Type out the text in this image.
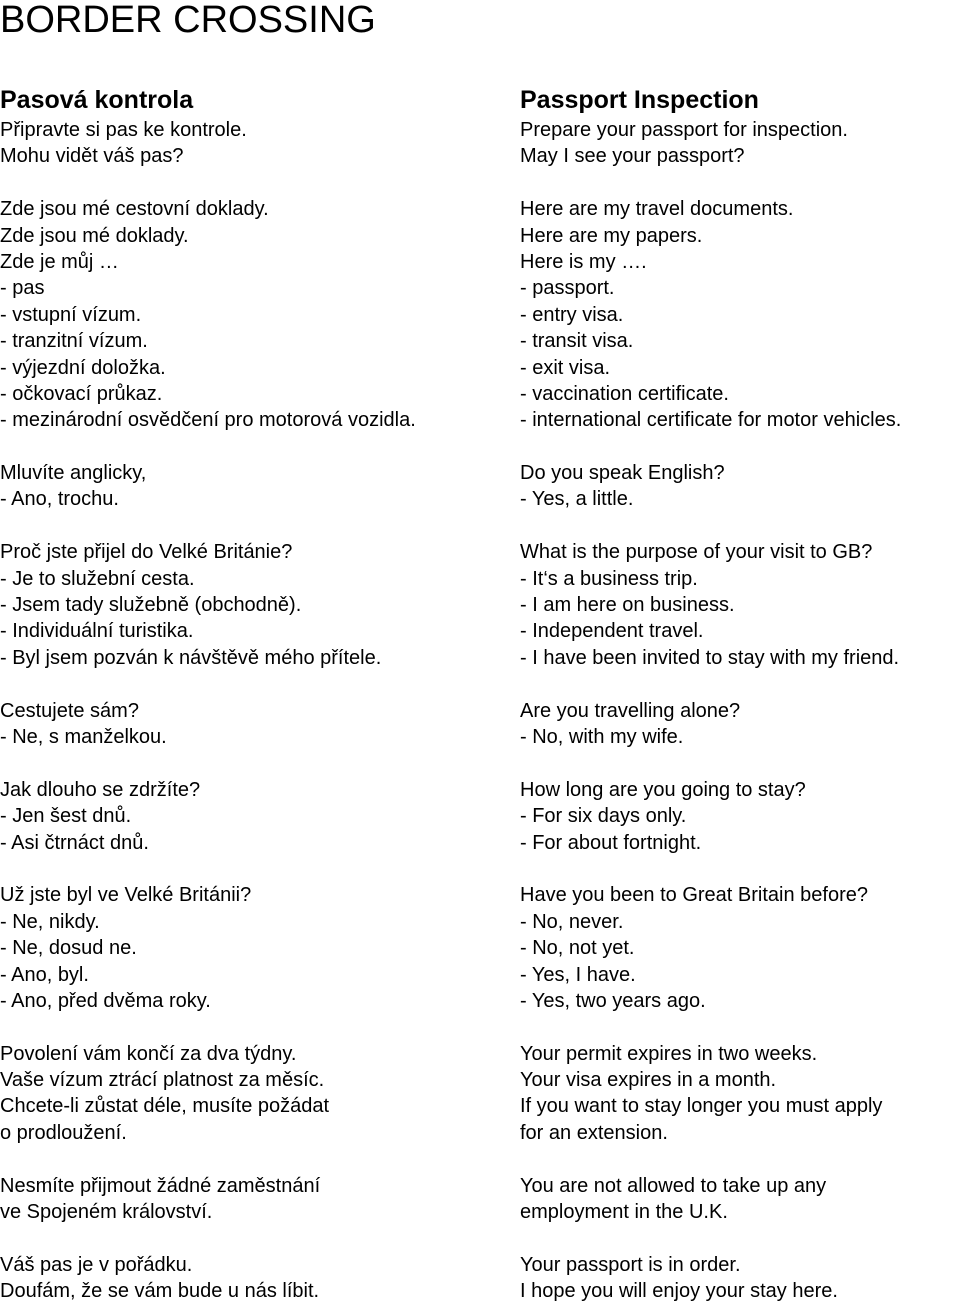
BORDER CROSSING
Pasová kontrola
Připravte si pas ke kontrole.
Mohu vidět váš pas?
Zde jsou mé cestovní doklady.
Zde jsou mé doklady.
Zde je můj …
- pas
- vstupní vízum.
- tranzitní vízum.
- výjezdní doložka.
- očkovací průkaz.
- mezinárodní osvědčení pro motorová vozidla.
Mluvíte anglicky,
- Ano, trochu.
Proč jste přijel do Velké Británie?
- Je to služební cesta.
- Jsem tady služebně (obchodně).
- Individuální turistika.
- Byl jsem pozván k návštěvě mého přítele.
Cestujete sám?
- Ne, s manželkou.
Jak dlouho se zdržíte?
- Jen šest dnů.
- Asi čtrnáct dnů.
Už jste byl ve Velké Británii?
- Ne, nikdy.
- Ne, dosud ne.
- Ano, byl.
- Ano, před dvěma roky.
Povolení vám končí za dva týdny.
Vaše vízum ztrácí platnost za měsíc.
Chcete-li zůstat déle, musíte požádat
o prodloužení.
Nesmíte přijmout žádné zaměstnání
ve Spojeném království.
Váš pas je v pořádku.
Doufám, že se vám bude u nás líbit.
Passport Inspection
Prepare your passport for inspection.
May I see your passport?
Here are my travel documents.
Here are my papers.
Here is my ….
- passport.
- entry visa.
- transit visa.
- exit visa.
- vaccination certificate.
- international certificate for motor vehicles.
Do you speak English?
- Yes, a little.
What is the purpose of your visit to GB?
- It‘s a business trip.
- I am here on business.
- Independent travel.
- I have been invited to stay with my friend.
Are you travelling alone?
- No, with my wife.
How long are you going to stay?
- For six days only.
- For about fortnight.
Have you been to Great Britain before?
- No, never.
- No, not yet.
- Yes, I have.
- Yes, two years ago.
Your permit expires in two weeks.
Your visa expires in a month.
If you want to stay longer you must apply
for an extension.
You are not allowed to take up any
employment in the U.K.
Your passport is in order.
I hope you will enjoy your stay here.
